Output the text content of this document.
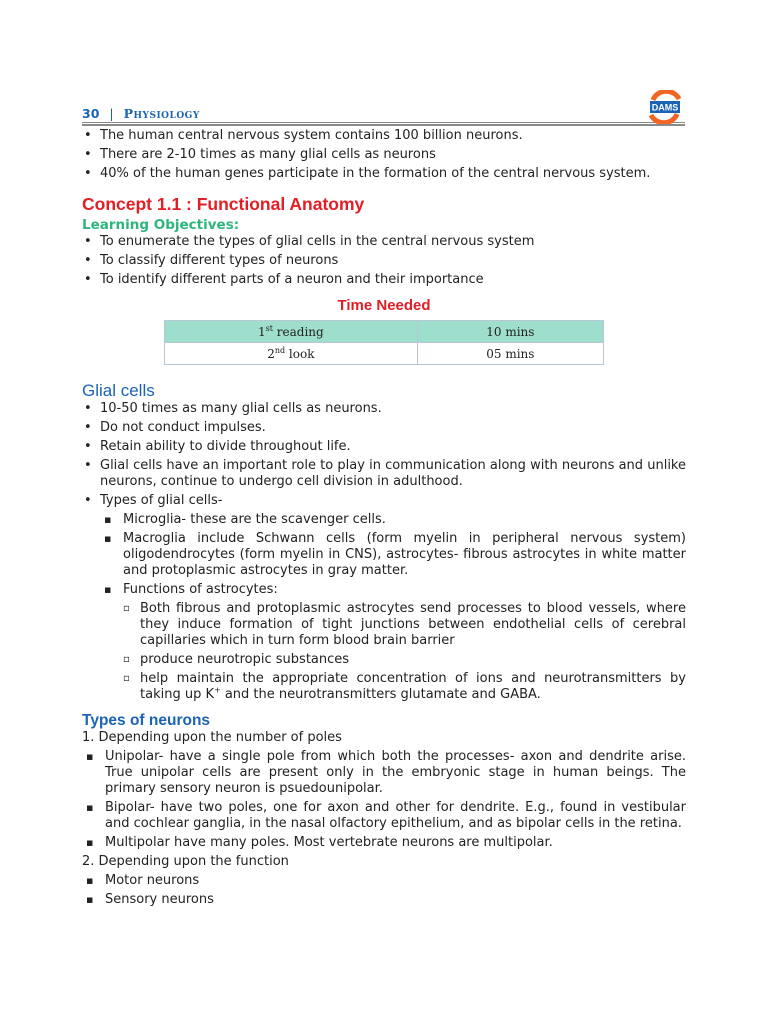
30 | Physiology	DAMS
• The human central nervous system contains 100 billion neurons.
• There are 2-10 times as many glial cells as neurons
• 40% of the human genes participate in the formation of the central nervous system.
Concept 1.1 : Functional Anatomy
Learning Objectives:
• To enumerate the types of glial cells in the central nervous system
• To classify different types of neurons
• To identify different parts of a neuron and their importance
Time Needed
1st reading	10 mins
2nd look	05 mins
Glial cells
• 10-50 times as many glial cells as neurons.
• Do not conduct impulses.
• Retain ability to divide throughout life.
• Glial cells have an important role to play in communication along with neurons and unlike neurons, continue to undergo cell division in adulthood.
• Types of glial cells-
▪ Microglia- these are the scavenger cells.
▪ Macroglia include Schwann cells (form myelin in peripheral nervous system) oligodendrocytes (form myelin in CNS), astrocytes- fibrous astrocytes in white matter and protoplasmic astrocytes in gray matter.
▪ Functions of astrocytes:
▫ Both fibrous and protoplasmic astrocytes send processes to blood vessels, where they induce formation of tight junctions between endothelial cells of cerebral capillaries which in turn form blood brain barrier
▫ produce neurotropic substances
▫ help maintain the appropriate concentration of ions and neurotransmitters by taking up K+ and the neurotransmitters glutamate and GABA.
Types of neurons
1. Depending upon the number of poles
▪ Unipolar- have a single pole from which both the processes- axon and dendrite arise. True unipolar cells are present only in the embryonic stage in human beings. The primary sensory neuron is psuedounipolar.
▪ Bipolar- have two poles, one for axon and other for dendrite. E.g., found in vestibular and cochlear ganglia, in the nasal olfactory epithelium, and as bipolar cells in the retina.
▪ Multipolar have many poles. Most vertebrate neurons are multipolar.
2. Depending upon the function
▪ Motor neurons
▪ Sensory neurons
